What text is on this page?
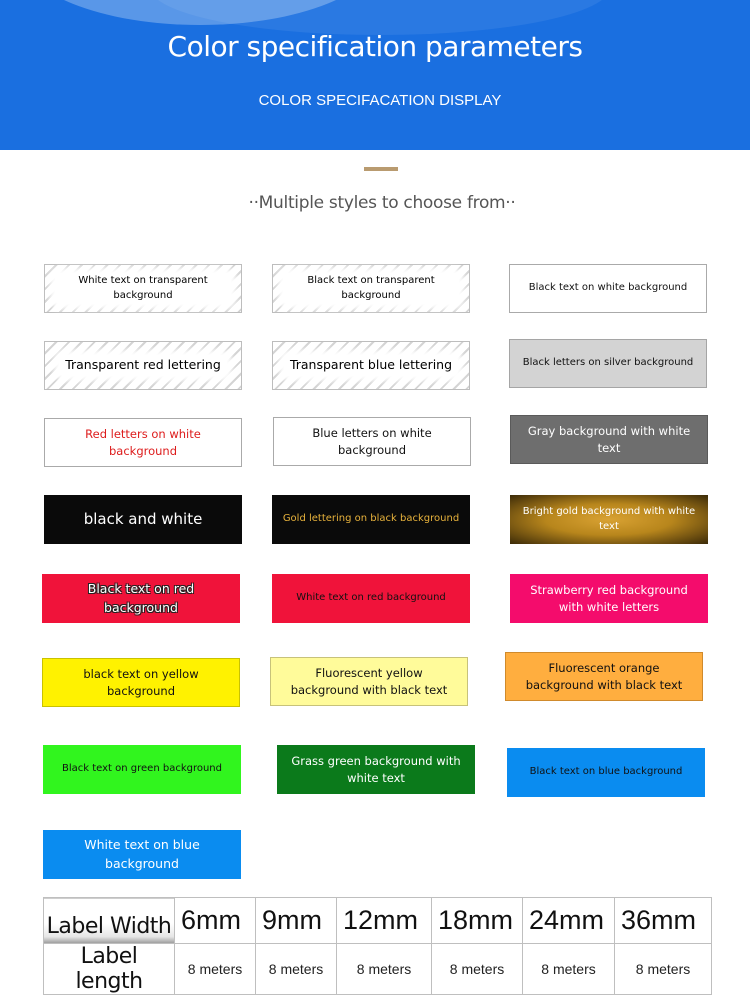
Color specification parameters
COLOR SPECIFACATION DISPLAY
··Multiple styles to choose from··
White text on transparent background
Black text on transparent background
Black text on white background
Transparent red lettering	Transparent blue lettering	Black letters on silver background
Red letters on white background
Blue letters on white background
Gray background with white text
black and white	Gold lettering on black background
Bright gold background with white text
Black text on red background
White text on red background
Strawberry red background with white letters
black text on yellow background
Fluorescent yellow background with black text
Fluorescent orange background with black text
Black text on green background
Grass green background with white text	Black text on blue background
White text on blue background
Label Width	6mm	9mm	12mm	18mm	24mm	36mm
Label length	8 meters	8 meters	8 meters	8 meters	8 meters	8 meters
